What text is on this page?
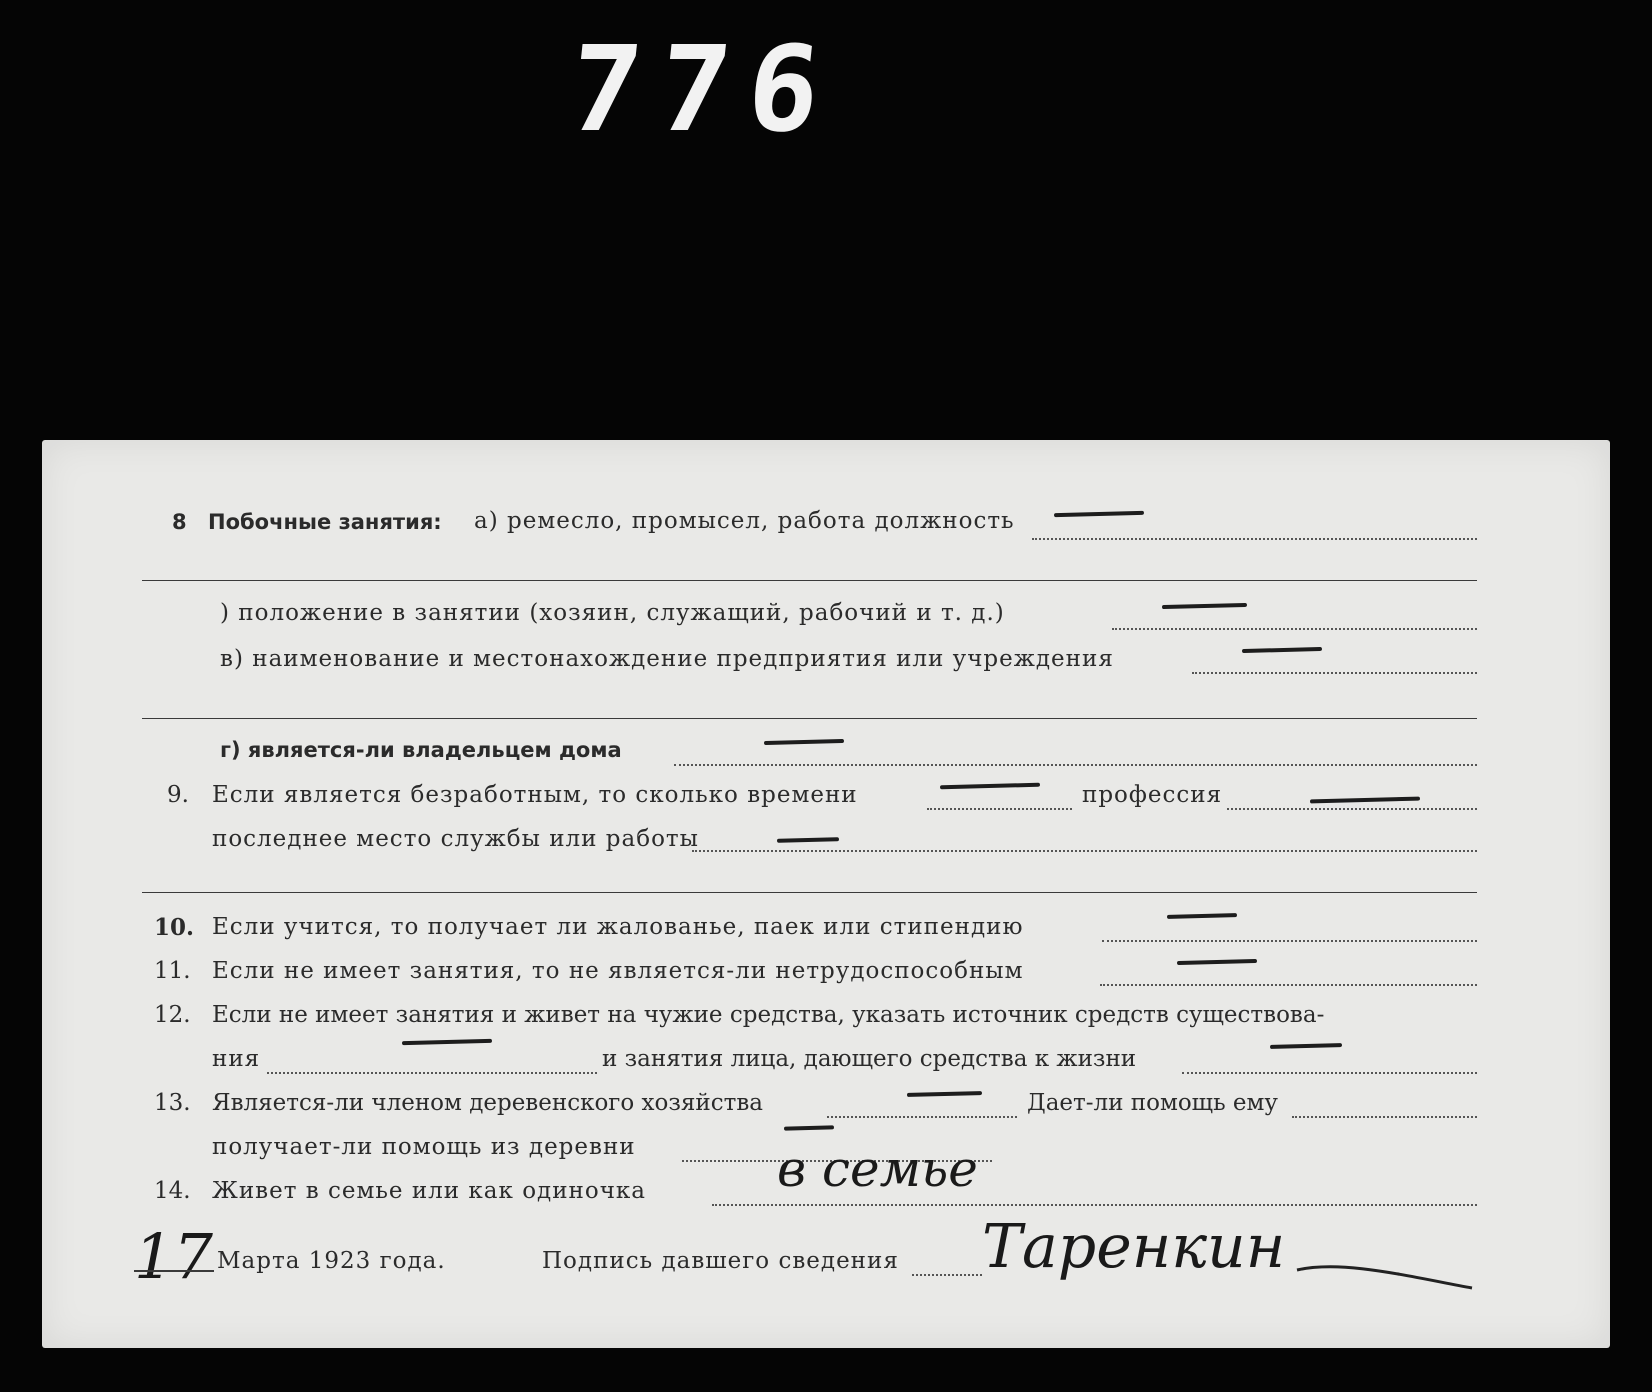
776
8 Побочные занятия: а) ремесло, промысел, работа должность
) положение в занятии (хозяин, служащий, рабочий и т. д.)
в) наименование и местонахождение предприятия или учреждения
г) является-ли владельцем дома
9. Если является безработным, то сколько времени	профессия
последнее место службы или работы
10. Если учится, то получает ли жалованье, паек или стипендию
11. Если не имеет занятия, то не является-ли нетрудоспособным
12. Если не имеет занятия и живет на чужие средства, указать источник средств существова-
ния	и занятия лица, дающего средства к жизни
13. Является-ли членом деревенского хозяйства	Дает-ли помощь ему
получает-ли помощь из деревни
14. Живет в семье или как одиночка	в семье
17 Марта 1923 года.	Подпись давшего сведения Таренкин
